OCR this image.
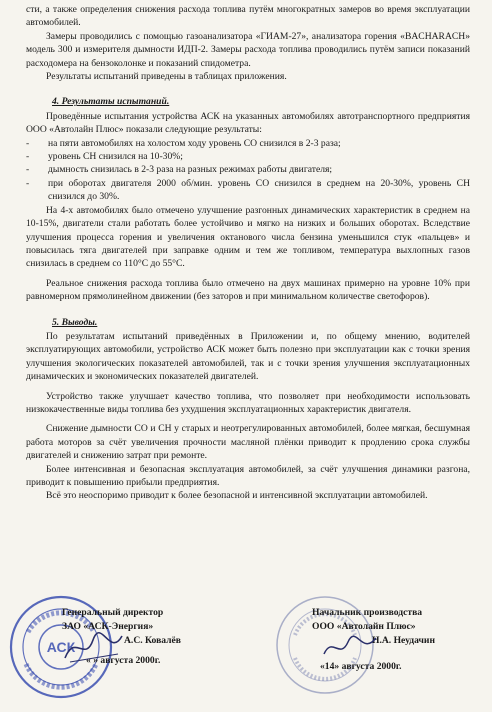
сти, а также определения снижения расхода топлива путём многократных замеров во время эксплуатации автомобилей.

Замеры проводились с помощью газоанализатора «ГИАМ-27», анализатора горения «BACHARACH» модель 300 и измерителя дымности ИДП-2. Замеры расхода топлива проводились путём записи показаний расходомера на бензоколонке и показаний спидометра.

Результаты испытаний приведены в таблицах приложения.

4. Результаты испытаний.

Проведённые испытания устройства АСК на указанных автомобилях автотранспортного предприятия ООО «Автолайн Плюс» показали следующие результаты:

- на пяти автомобилях на холостом ходу уровень СО снизился в 2-3 раза;
- уровень СН снизился на 10-30%;
- дымность снизилась в 2-3 раза на разных режимах работы двигателя;
- при оборотах двигателя 2000 об/мин. уровень СО снизился в среднем на 20-30%, уровень СН снизился до 30%.

На 4-х автомобилях было отмечено улучшение разгонных динамических характеристик в среднем на 10-15%, двигатели стали работать более устойчиво и мягко на низких и больших оборотах. Вследствие улучшения процесса горения и увеличения октанового числа бензина уменьшился стук «пальцев» и повысилась тяга двигателей при заправке одним и тем же топливом, температура выхлопных газов снизилась в среднем со 110°С до 55°С.

Реальное снижения расхода топлива было отмечено на двух машинах примерно на уровне 10% при равномерном прямолинейном движении (без заторов и при минимальном количестве светофоров).

5. Выводы.

По результатам испытаний приведённых в Приложении и, по общему мнению, водителей эксплуатирующих автомобили, устройство АСК может быть полезно при эксплуатации как с точки зрения улучшения экологических показателей автомобилей, так и с точки зрения улучшения эксплуатационных динамических и экономических показателей двигателей.

Устройство также улучшает качество топлива, что позволяет при необходимости использовать низкокачественные виды топлива без ухудшения эксплуатационных характеристик двигателя.

Снижение дымности СО и СН у старых и неотрегулированных автомобилей, более мягкая, бесшумная работа моторов за счёт увеличения прочности масляной плёнки приводит к продлению срока службы двигателей и снижению затрат при ремонте.

Более интенсивная и безопасная эксплуатация автомобилей, за счёт улучшения динамики разгона, приводит к повышению прибыли предприятия.

Всё это неоспоримо приводит к более безопасной и интенсивной эксплуатации автомобилей.

АСК
Генеральный директор
ЗАО «АСК-Энергия»
А.С. Ковалёв
« » августа 2000г.
Начальник производства
ООО «Автолайн Плюс»
Н.А. Неудачин
«14» августа 2000г.
